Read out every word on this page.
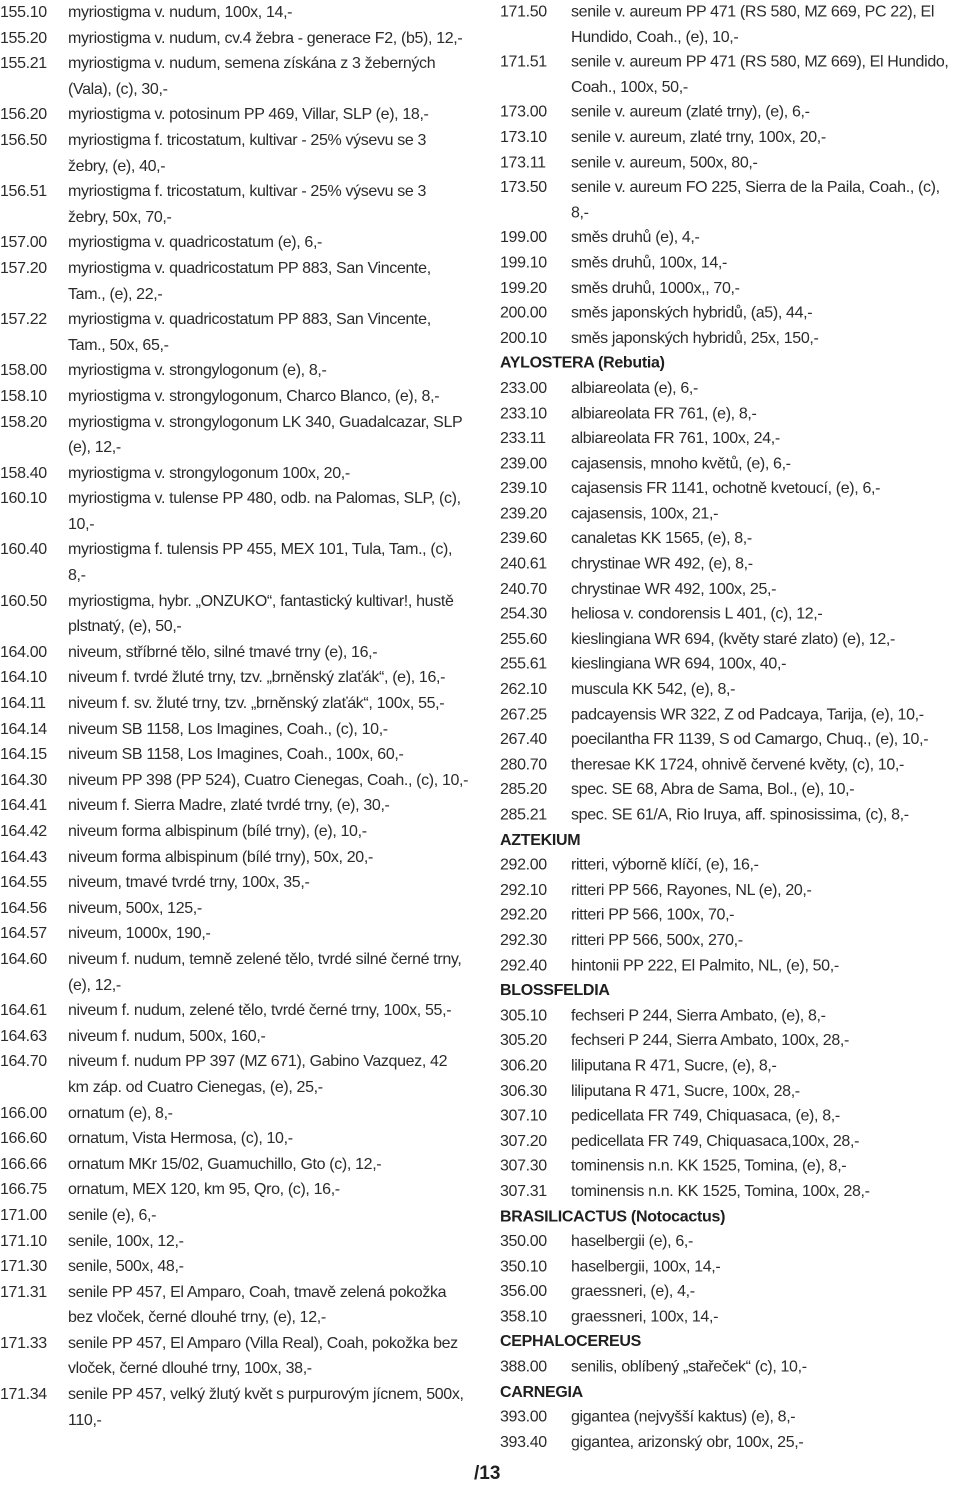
155.10	myriostigma v. nudum, 100x, 14,-
155.20	myriostigma v. nudum, cv.4 žebra - generace F2, (b5), 12,-
155.21	myriostigma v. nudum, semena získána z 3 žeberných (Vala), (c), 30,-
156.20	myriostigma v. potosinum PP 469, Villar, SLP (e), 18,-
156.50	myriostigma f. tricostatum, kultivar - 25% výsevu se 3 žebry, (e), 40,-
156.51	myriostigma f. tricostatum, kultivar - 25% výsevu se 3 žebry, 50x, 70,-
157.00	myriostigma v. quadricostatum (e), 6,-
157.20	myriostigma v. quadricostatum PP 883, San Vincente, Tam., (e), 22,-
157.22	myriostigma v. quadricostatum PP 883, San Vincente, Tam., 50x, 65,-
158.00	myriostigma v. strongylogonum (e), 8,-
158.10	myriostigma v. strongylogonum, Charco Blanco, (e), 8,-
158.20	myriostigma v. strongylogonum LK 340, Guadalcazar, SLP (e), 12,-
158.40	myriostigma v. strongylogonum 100x, 20,-
160.10	myriostigma v. tulense PP 480, odb. na Palomas, SLP, (c), 10,-
160.40	myriostigma f. tulensis PP 455, MEX 101, Tula, Tam., (c), 8,-
160.50	myriostigma, hybr. „ONZUKO“, fantastický kultivar!, hustě plstnatý, (e), 50,-
164.00	niveum, stříbrné tělo, silné tmavé trny (e), 16,-
164.10	niveum f. tvrdé žluté trny, tzv. „brněnský zlaťák“, (e), 16,-
164.11	niveum f. sv. žluté trny, tzv. „brněnský zlaťák“, 100x, 55,-
164.14	niveum SB 1158, Los Imagines, Coah., (c), 10,-
164.15	niveum SB 1158, Los Imagines, Coah., 100x, 60,-
164.30	niveum PP 398 (PP 524), Cuatro Cienegas, Coah., (c), 10,-
164.41	niveum f. Sierra Madre, zlaté tvrdé trny, (e), 30,-
164.42	niveum forma albispinum (bílé trny), (e), 10,-
164.43	niveum forma albispinum (bílé trny), 50x, 20,-
164.55	niveum, tmavé tvrdé trny, 100x, 35,-
164.56	niveum, 500x, 125,-
164.57	niveum, 1000x, 190,-
164.60	niveum f. nudum, temně zelené tělo, tvrdé silné černé trny, (e), 12,-
164.61	niveum f. nudum, zelené tělo, tvrdé černé trny, 100x, 55,-
164.63	niveum f. nudum, 500x, 160,-
164.70	niveum f. nudum PP 397 (MZ 671), Gabino Vazquez, 42 km záp. od Cuatro Cienegas, (e), 25,-
166.00	ornatum (e), 8,-
166.60	ornatum, Vista Hermosa, (c), 10,-
166.66	ornatum MKr 15/02, Guamuchillo, Gto (c), 12,-
166.75	ornatum, MEX 120, km 95, Qro, (c), 16,-
171.00	senile (e), 6,-
171.10	senile, 100x, 12,-
171.30	senile, 500x, 48,-
171.31	senile PP 457, El Amparo, Coah, tmavě zelená pokožka bez vloček, černé dlouhé trny, (e), 12,-
171.33	senile PP 457, El Amparo (Villa Real), Coah, pokožka bez vloček, černé dlouhé trny, 100x, 38,-
171.34	senile PP 457, velký žlutý květ s purpurovým jícnem, 500x, 110,-
171.50	senile v. aureum PP 471 (RS 580, MZ 669, PC 22), El Hundido, Coah., (e), 10,-
171.51	senile v. aureum PP 471 (RS 580, MZ 669), El Hundido, Coah., 100x, 50,-
173.00	senile v. aureum (zlaté trny), (e), 6,-
173.10	senile v. aureum, zlaté trny, 100x, 20,-
173.11	senile v. aureum, 500x, 80,-
173.50	senile v. aureum FO 225, Sierra de la Paila, Coah., (c), 8,-
199.00	směs druhů (e), 4,-
199.10	směs druhů, 100x, 14,-
199.20	směs druhů, 1000x,, 70,-
200.00	směs japonských hybridů, (a5), 44,-
200.10	směs japonských hybridů, 25x, 150,-
AYLOSTERA (Rebutia)
233.00	albiareolata (e), 6,-
233.10	albiareolata FR 761, (e), 8,-
233.11	albiareolata FR 761, 100x, 24,-
239.00	cajasensis, mnoho květů, (e), 6,-
239.10	cajasensis FR 1141, ochotně kvetoucí, (e), 6,-
239.20	cajasensis, 100x, 21,-
239.60	canaletas KK 1565, (e), 8,-
240.61	chrystinae WR 492, (e), 8,-
240.70	chrystinae WR 492, 100x, 25,-
254.30	heliosa v. condorensis L 401, (c), 12,-
255.60	kieslingiana WR 694, (květy staré zlato) (e), 12,-
255.61	kieslingiana WR 694, 100x, 40,-
262.10	muscula KK 542, (e), 8,-
267.25	padcayensis WR 322, Z od Padcaya, Tarija, (e), 10,-
267.40	poecilantha FR 1139, S od Camargo, Chuq., (e), 10,-
280.70	theresae KK 1724, ohnivě červené květy, (c), 10,-
285.20	spec. SE 68, Abra de Sama, Bol., (e), 10,-
285.21	spec. SE 61/A, Rio Iruya, aff. spinosissima, (c), 8,-
AZTEKIUM
292.00	ritteri, výborně klíčí, (e), 16,-
292.10	ritteri PP 566, Rayones, NL (e), 20,-
292.20	ritteri PP 566, 100x, 70,-
292.30	ritteri PP 566, 500x, 270,-
292.40	hintonii PP 222, El Palmito, NL, (e), 50,-
BLOSSFELDIA
305.10	fechseri P 244, Sierra Ambato, (e), 8,-
305.20	fechseri P 244, Sierra Ambato, 100x, 28,-
306.20	liliputana R 471, Sucre, (e), 8,-
306.30	liliputana R 471, Sucre, 100x, 28,-
307.10	pedicellata FR 749, Chiquasaca, (e), 8,-
307.20	pedicellata FR 749, Chiquasaca,100x, 28,-
307.30	tominensis n.n. KK 1525, Tomina, (e), 8,-
307.31	tominensis n.n. KK 1525, Tomina, 100x, 28,-
BRASILICACTUS (Notocactus)
350.00	haselbergii (e), 6,-
350.10	haselbergii, 100x, 14,-
356.00	graessneri, (e), 4,-
358.10	graessneri, 100x, 14,-
CEPHALOCEREUS
388.00	senilis, oblíbený „stařeček“ (c), 10,-
CARNEGIA
393.00	gigantea (nejvyšší kaktus) (e), 8,-
393.40	gigantea, arizonský obr, 100x, 25,-
/13
